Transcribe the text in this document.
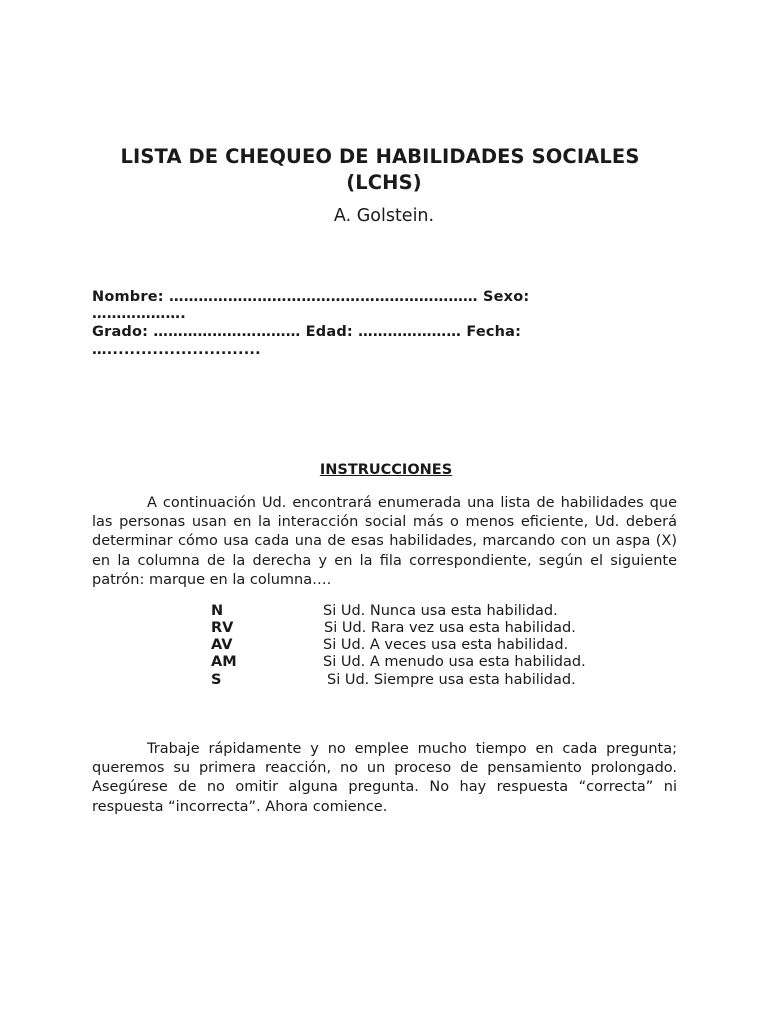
LISTA DE CHEQUEO DE HABILIDADES SOCIALES
(LCHS)
A. Golstein.
Nombre: ……………………………………………………… Sexo:
……………….
Grado: ………………………… Edad: ………………… Fecha:
…...........................
INSTRUCCIONES

A continuación Ud. encontrará enumerada una lista de habilidades que las personas usan en la interacción social más o menos eficiente, Ud. deberá determinar cómo usa cada una de esas habilidades, marcando con un aspa (X) en la columna de la derecha y en la fila correspondiente, según el siguiente patrón: marque en la columna….

N	Si Ud. Nunca usa esta habilidad.
RV	Si Ud. Rara vez usa esta habilidad.
AV	Si Ud. A veces usa esta habilidad.
AM	Si Ud. A menudo usa esta habilidad.
S	Si Ud. Siempre usa esta habilidad.

Trabaje rápidamente y no emplee mucho tiempo en cada pregunta; queremos su primera reacción, no un proceso de pensamiento prolongado. Asegúrese de no omitir alguna pregunta. No hay respuesta “correcta” ni respuesta “incorrecta”. Ahora comience.
